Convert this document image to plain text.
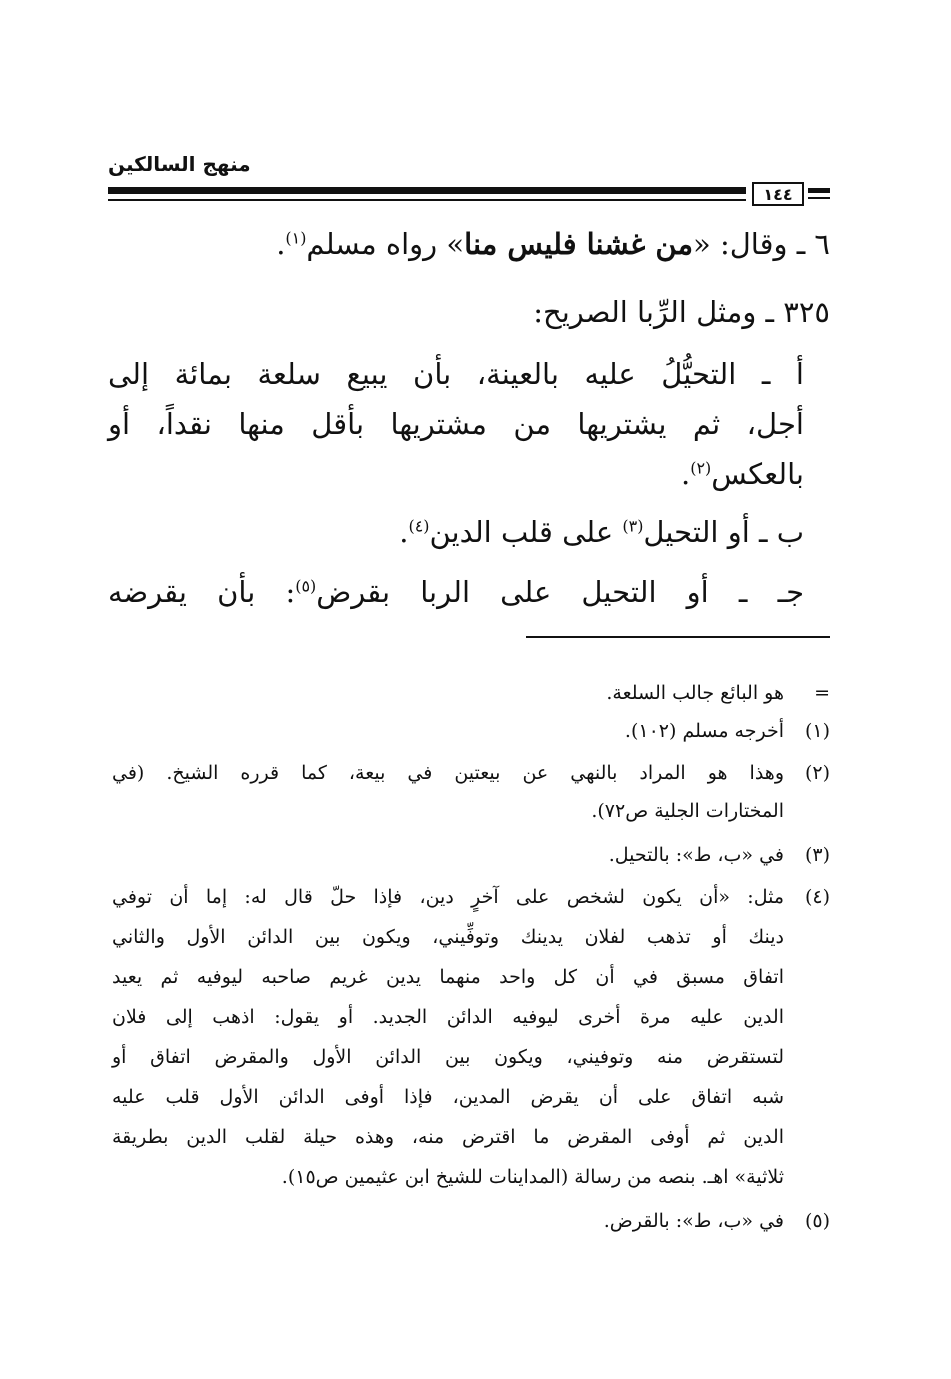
منهج السالكين
١٤٤
٦ ـ وقال: «من غشنا فليس منا» رواه مسلم$^{(١)}$.
٣٢٥ ـ ومثل الرِّبا الصريح:
أ ـ التحيُّلُ عليه بالعينة، بأن يبيع سلعة بمائة إلى
أجل، ثم يشتريها من مشتريها بأقل منها نقداً، أو
بالعكس$^{(٢)}$.
ب ـ أو التحيل$^{(٣)}$ على قلب الدين$^{(٤)}$.
جـ ـ أو التحيل على الربا بقرض$^{(٥)}$: بأن يقرضه
=هو البائع جالب السلعة.
(١)أخرجه مسلم (١٠٢).
(٢)وهذا هو المراد بالنهي عن بيعتين في بيعة، كما قرره الشيخ. (في
المختارات الجلية ص٧٢).
(٣)في «ب، ط»: بالتحيل.
(٤)مثل: «أن يكون لشخص على آخرٍ دين، فإذا حلّ قال له: إما أن توفي
دينك أو تذهب لفلان يدينك وتوفِّيني، ويكون بين الدائن الأول والثاني
اتفاق مسبق في أن كل واحد منهما يدين غريم صاحبه ليوفيه ثم يعيد
الدين عليه مرة أخرى ليوفيه الدائن الجديد. أو يقول: اذهب إلى فلان
لتستقرض منه وتوفيني، ويكون بين الدائن الأول والمقرض اتفاق أو
شبه اتفاق على أن يقرض المدين، فإذا أوفى الدائن الأول قلب عليه
الدين ثم أوفى المقرض ما اقترض منه، وهذه حيلة لقلب الدين بطريقة
ثلاثية» اهـ. بنصه من رسالة (المداينات للشيخ ابن عثيمين ص١٥).
(٥)في «ب، ط»: بالقرض.
